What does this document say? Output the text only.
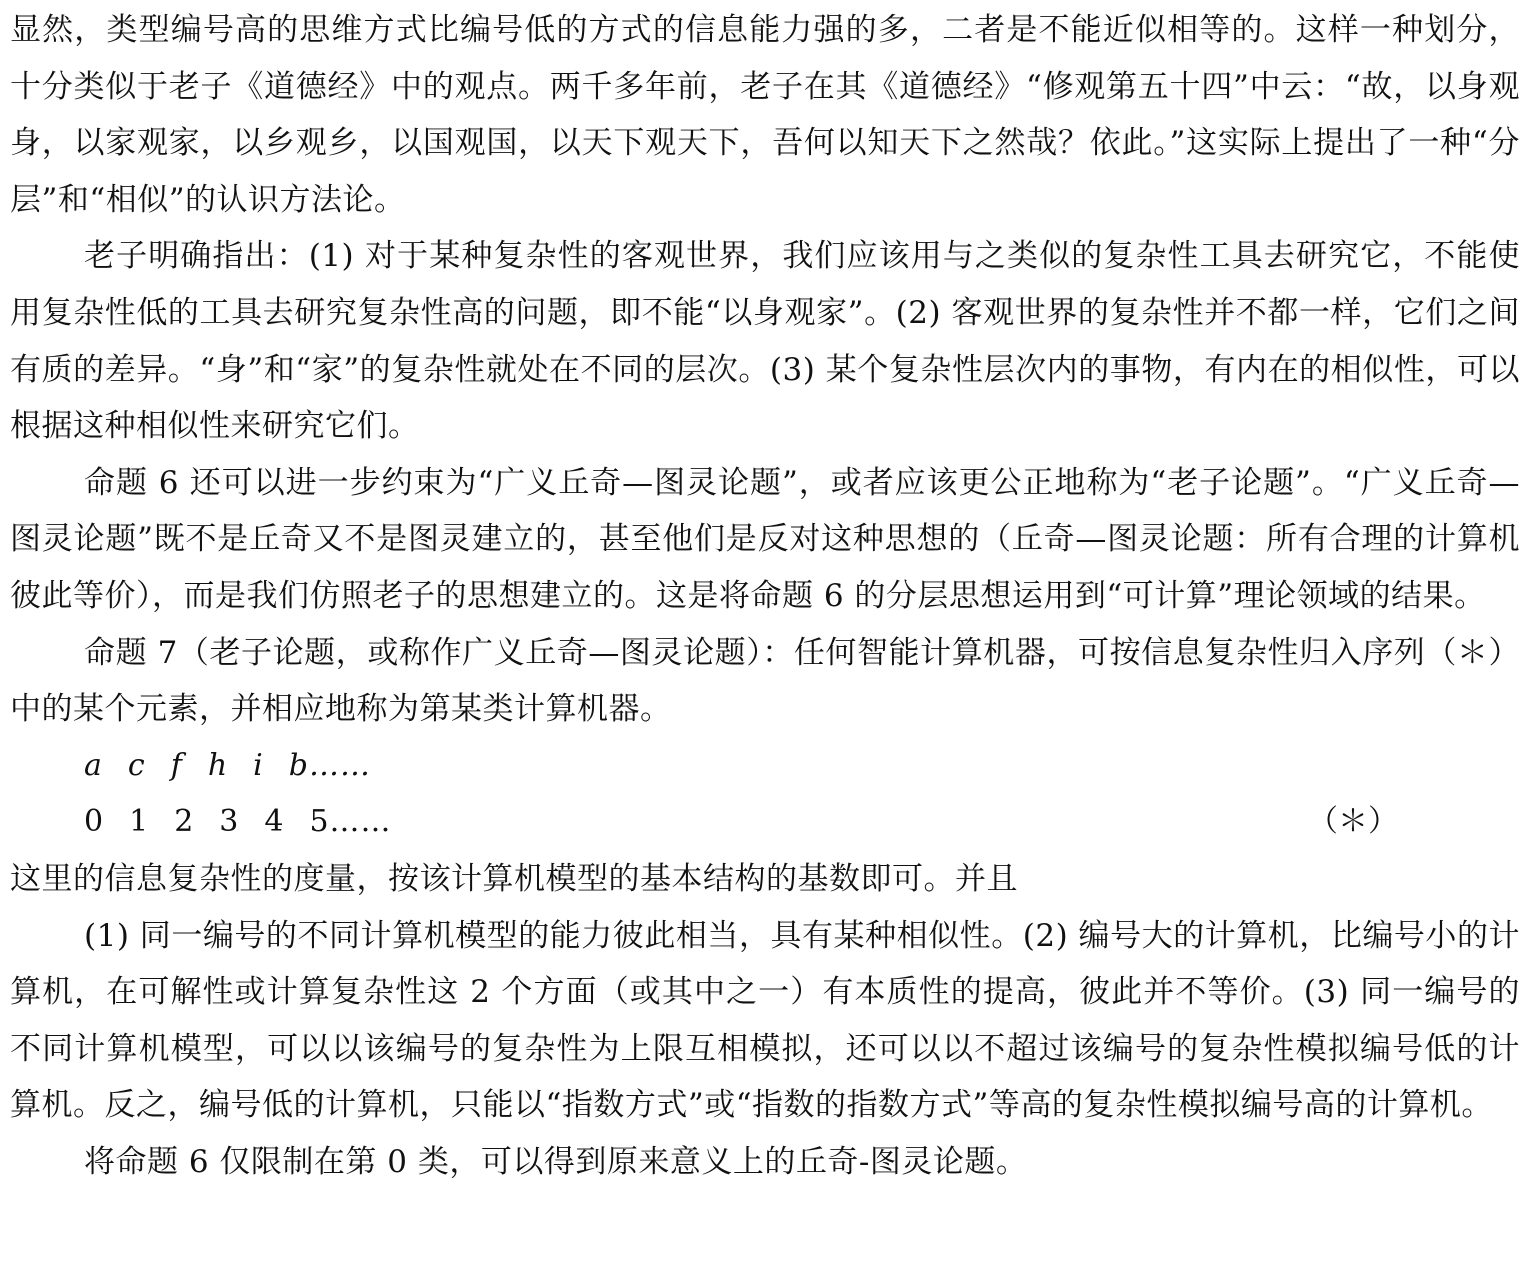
显然，类型编号高的思维方式比编号低的方式的信息能力强的多，二者是不能近似相等的。这样一种划分，十分类似于老子《道德经》中的观点。两千多年前，老子在其《道德经》“修观第五十四”中云：“故，以身观身，以家观家，以乡观乡，以国观国，以天下观天下，吾何以知天下之然哉？依此。”这实际上提出了一种“分层”和“相似”的认识方法论。

老子明确指出：(1) 对于某种复杂性的客观世界，我们应该用与之类似的复杂性工具去研究它，不能使用复杂性低的工具去研究复杂性高的问题，即不能“以身观家”。(2) 客观世界的复杂性并不都一样，它们之间有质的差异。“身”和“家”的复杂性就处在不同的层次。(3) 某个复杂性层次内的事物，有内在的相似性，可以根据这种相似性来研究它们。

命题 6 还可以进一步约束为“广义丘奇—图灵论题”，或者应该更公正地称为“老子论题”。“广义丘奇—图灵论题”既不是丘奇又不是图灵建立的，甚至他们是反对这种思想的（丘奇—图灵论题：所有合理的计算机彼此等价），而是我们仿照老子的思想建立的。这是将命题 6 的分层思想运用到“可计算”理论领域的结果。

命题 7（老子论题，或称作广义丘奇—图灵论题）：任何智能计算机器，可按信息复杂性归入序列（＊）中的某个元素，并相应地称为第某类计算机器。

a c f h i b……
0 1 2 3 4 5……	（＊）

这里的信息复杂性的度量，按该计算机模型的基本结构的基数即可。并且

(1) 同一编号的不同计算机模型的能力彼此相当，具有某种相似性。(2) 编号大的计算机，比编号小的计算机，在可解性或计算复杂性这 2 个方面（或其中之一）有本质性的提高，彼此并不等价。(3) 同一编号的不同计算机模型，可以以该编号的复杂性为上限互相模拟，还可以以不超过该编号的复杂性模拟编号低的计算机。反之，编号低的计算机，只能以“指数方式”或“指数的指数方式”等高的复杂性模拟编号高的计算机。

将命题 6 仅限制在第 0 类，可以得到原来意义上的丘奇-图灵论题。
